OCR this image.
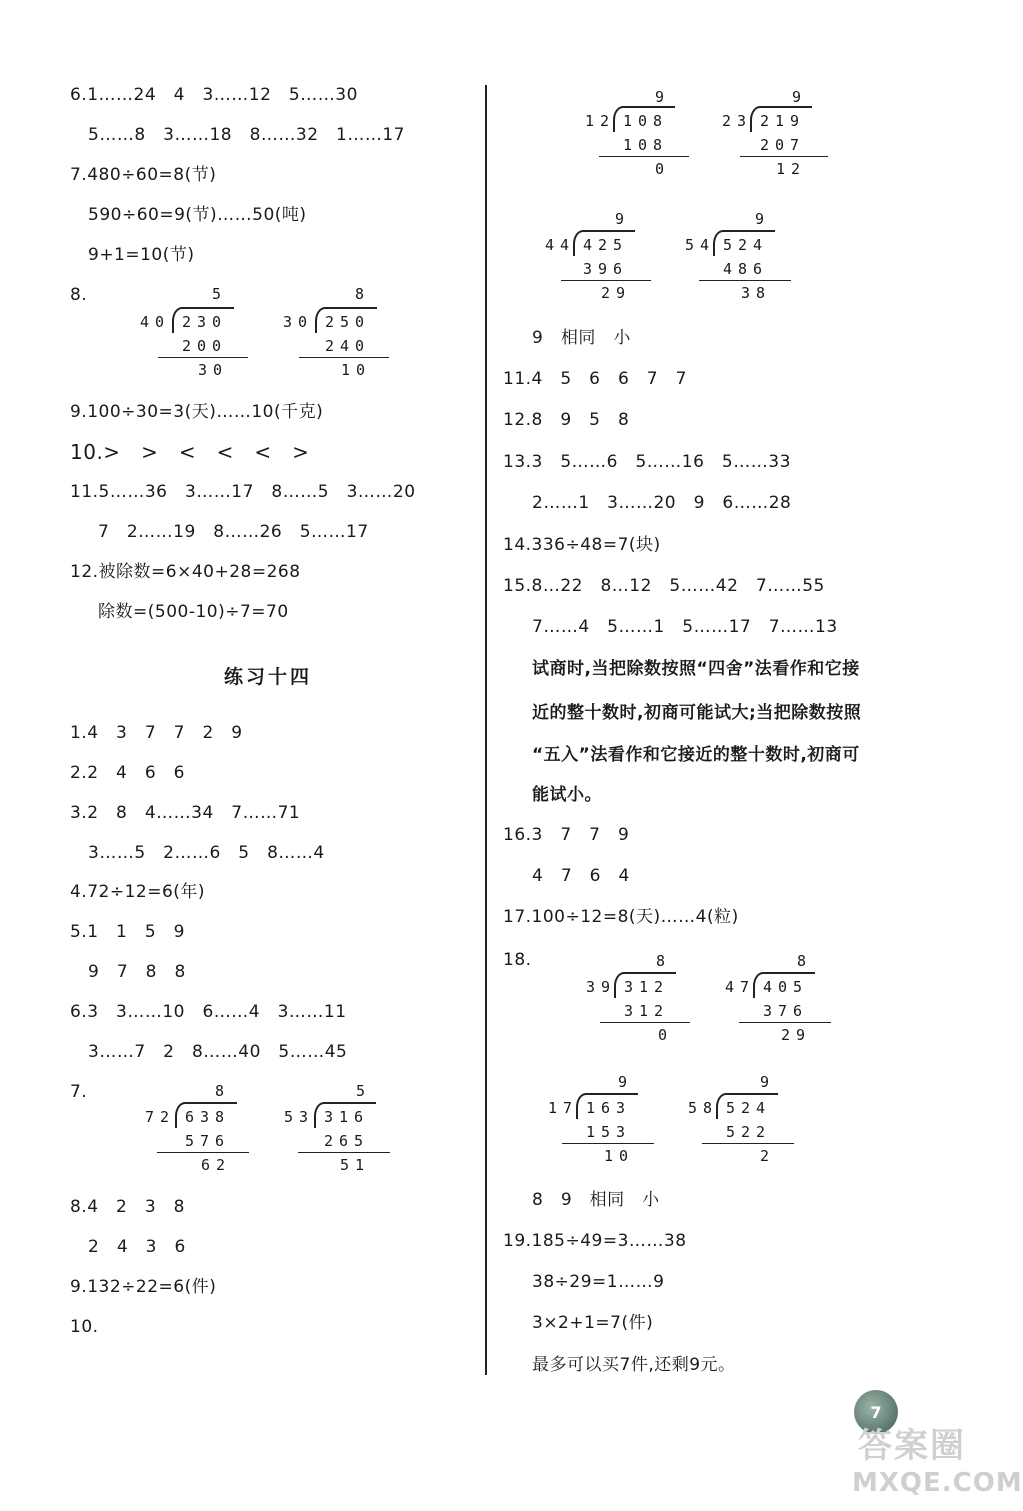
6.1……24　4　3……12　5……30
5……8　3……18　8……32　1……17
7.480÷60=8(节)
590÷60=9(节)……50(吨)
9+1=10(节)
8.	5
40 230
200
30
8
30 250
240
10
9.100÷30=3(天)……10(千克)
10.>　>　<　<　<　>
11.5……36　3……17　8……5　3……20
7　2……19　8……26　5……17
12.被除数=6×40+28=268
除数=(500-10)÷7=70
练习十四
1.4　3　7　7　2　9
2.2　4　6　6
3.2　8　4……34　7……71
3……5　2……6　5　8……4
4.72÷12=6(年)
5.1　1　5　9
9　7　8　8
6.3　3……10　6……4　3……11
3……7　2　8……40　5……45
7.	8
72 638
576
62
5
53 316
265
51
8.4　2　3　8
2　4　3　6
9.132÷22=6(件)
10.
9
12 108
108
0
9
23 219
207
12
9
44 425
396
29
9
54 524
486
38
9　相同　小
11.4　5　6　6　7　7
12.8　9　5　8
13.3　5……6　5……16　5……33
2……1　3……20　9　6……28
14.336÷48=7(块)
15.8…22　8…12　5……42　7……55
7……4　5……1　5……17　7……13
试商时,当把除数按照“四舍”法看作和它接
近的整十数时,初商可能试大;当把除数按照
“五入”法看作和它接近的整十数时,初商可
能试小。
16.3　7　7　9
4　7　6　4
17.100÷12=8(天)……4(粒)
18.	8
39 312
312
0
8
47 405
376
29
9
17 163
153
10
9
58 524
522
2
8　9　相同　小
19.185÷49=3……38
38÷29=1……9
3×2+1=7(件)
最多可以买7件,还剩9元。
7
答案圈
MXQE.COM
